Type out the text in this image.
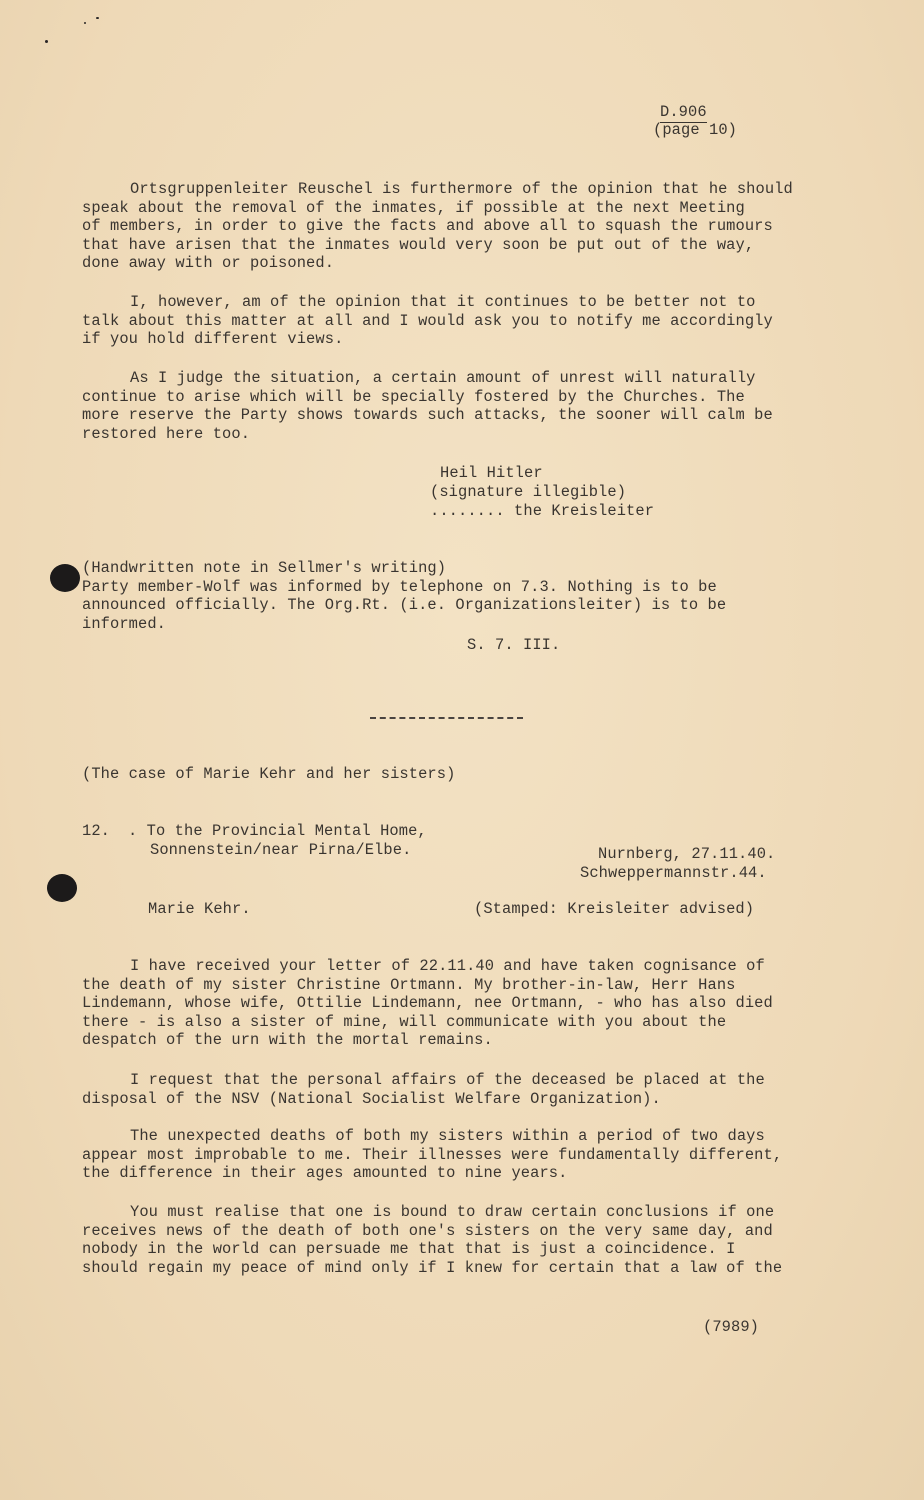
D.906
(page 10)
Ortsgruppenleiter Reuschel is furthermore of the opinion that he should
speak about the removal of the inmates, if possible at the next Meeting
of members, in order to give the facts and above all to squash the rumours
that have arisen that the inmates would very soon be put out of the way,
done away with or poisoned.
I, however, am of the opinion that it continues to be better not to
talk about this matter at all and I would ask you to notify me accordingly
if you hold different views.
As I judge the situation, a certain amount of unrest will naturally
continue to arise which will be specially fostered by the Churches. The
more reserve the Party shows towards such attacks, the sooner will calm be
restored here too.
Heil Hitler
(signature illegible)
........ the Kreisleiter
(Handwritten note in Sellmer's writing)
Party member-Wolf was informed by telephone on 7.3. Nothing is to be
announced officially. The Org.Rt. (i.e. Organizationsleiter) is to be
informed.
S. 7. III.
(The case of Marie Kehr and her sisters)
12. . To the Provincial Mental Home,
Sonnenstein/near Pirna/Elbe.	Nurnberg, 27.11.40.
Schweppermannstr.44.
Marie Kehr.	(Stamped: Kreisleiter advised)
I have received your letter of 22.11.40 and have taken cognisance of
the death of my sister Christine Ortmann. My brother-in-law, Herr Hans
Lindemann, whose wife, Ottilie Lindemann, nee Ortmann, - who has also died
there - is also a sister of mine, will communicate with you about the
despatch of the urn with the mortal remains.
I request that the personal affairs of the deceased be placed at the
disposal of the NSV (National Socialist Welfare Organization).
The unexpected deaths of both my sisters within a period of two days
appear most improbable to me. Their illnesses were fundamentally different,
the difference in their ages amounted to nine years.
You must realise that one is bound to draw certain conclusions if one
receives news of the death of both one's sisters on the very same day, and
nobody in the world can persuade me that that is just a coincidence. I
should regain my peace of mind only if I knew for certain that a law of the
(7989)
